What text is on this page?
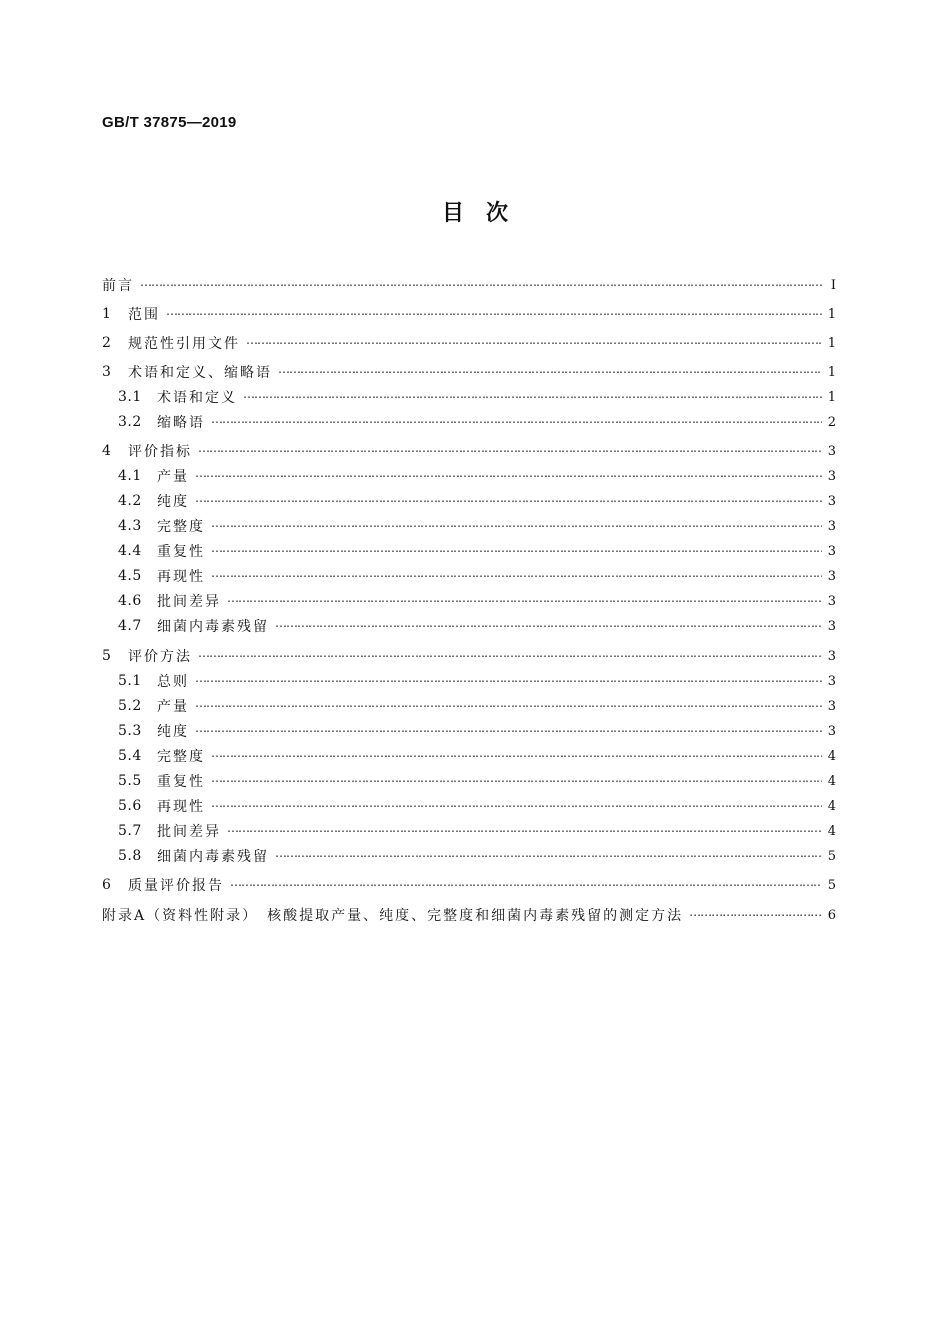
GB/T 37875—2019

目　次
前言 ……………………………………………………………………………………………………………………………………………………………………………………………………………………	Ⅰ
1	范围 ……………………………………………………………………………………………………………………………………………………………………………………………………………………	1
2	规范性引用文件 ……………………………………………………………………………………………………………………………………………………………………………………………………………………	1
3	术语和定义、缩略语 ……………………………………………………………………………………………………………………………………………………………………………………………………………………	1
3.1	术语和定义 ……………………………………………………………………………………………………………………………………………………………………………………………………………………	1
3.2	缩略语 ……………………………………………………………………………………………………………………………………………………………………………………………………………………	2
4	评价指标 ……………………………………………………………………………………………………………………………………………………………………………………………………………………	3
4.1	产量 ……………………………………………………………………………………………………………………………………………………………………………………………………………………	3
4.2	纯度 ……………………………………………………………………………………………………………………………………………………………………………………………………………………	3
4.3	完整度 ……………………………………………………………………………………………………………………………………………………………………………………………………………………	3
4.4	重复性 ……………………………………………………………………………………………………………………………………………………………………………………………………………………	3
4.5	再现性 ……………………………………………………………………………………………………………………………………………………………………………………………………………………	3
4.6	批间差异 ……………………………………………………………………………………………………………………………………………………………………………………………………………………	3
4.7	细菌内毒素残留 ……………………………………………………………………………………………………………………………………………………………………………………………………………………	3
5	评价方法 ……………………………………………………………………………………………………………………………………………………………………………………………………………………	3
5.1	总则 ……………………………………………………………………………………………………………………………………………………………………………………………………………………	3
5.2	产量 ……………………………………………………………………………………………………………………………………………………………………………………………………………………	3
5.3	纯度 ……………………………………………………………………………………………………………………………………………………………………………………………………………………	3
5.4	完整度 ……………………………………………………………………………………………………………………………………………………………………………………………………………………	4
5.5	重复性 ……………………………………………………………………………………………………………………………………………………………………………………………………………………	4
5.6	再现性 ……………………………………………………………………………………………………………………………………………………………………………………………………………………	4
5.7	批间差异 ……………………………………………………………………………………………………………………………………………………………………………………………………………………	4
5.8	细菌内毒素残留 ……………………………………………………………………………………………………………………………………………………………………………………………………………………	5
6	质量评价报告 ……………………………………………………………………………………………………………………………………………………………………………………………………………………	5
附录A（资料性附录）　核酸提取产量、纯度、完整度和细菌内毒素残留的测定方法 ……………………………………………………………………………………………………………………………………………………………………………………………………………………	6
